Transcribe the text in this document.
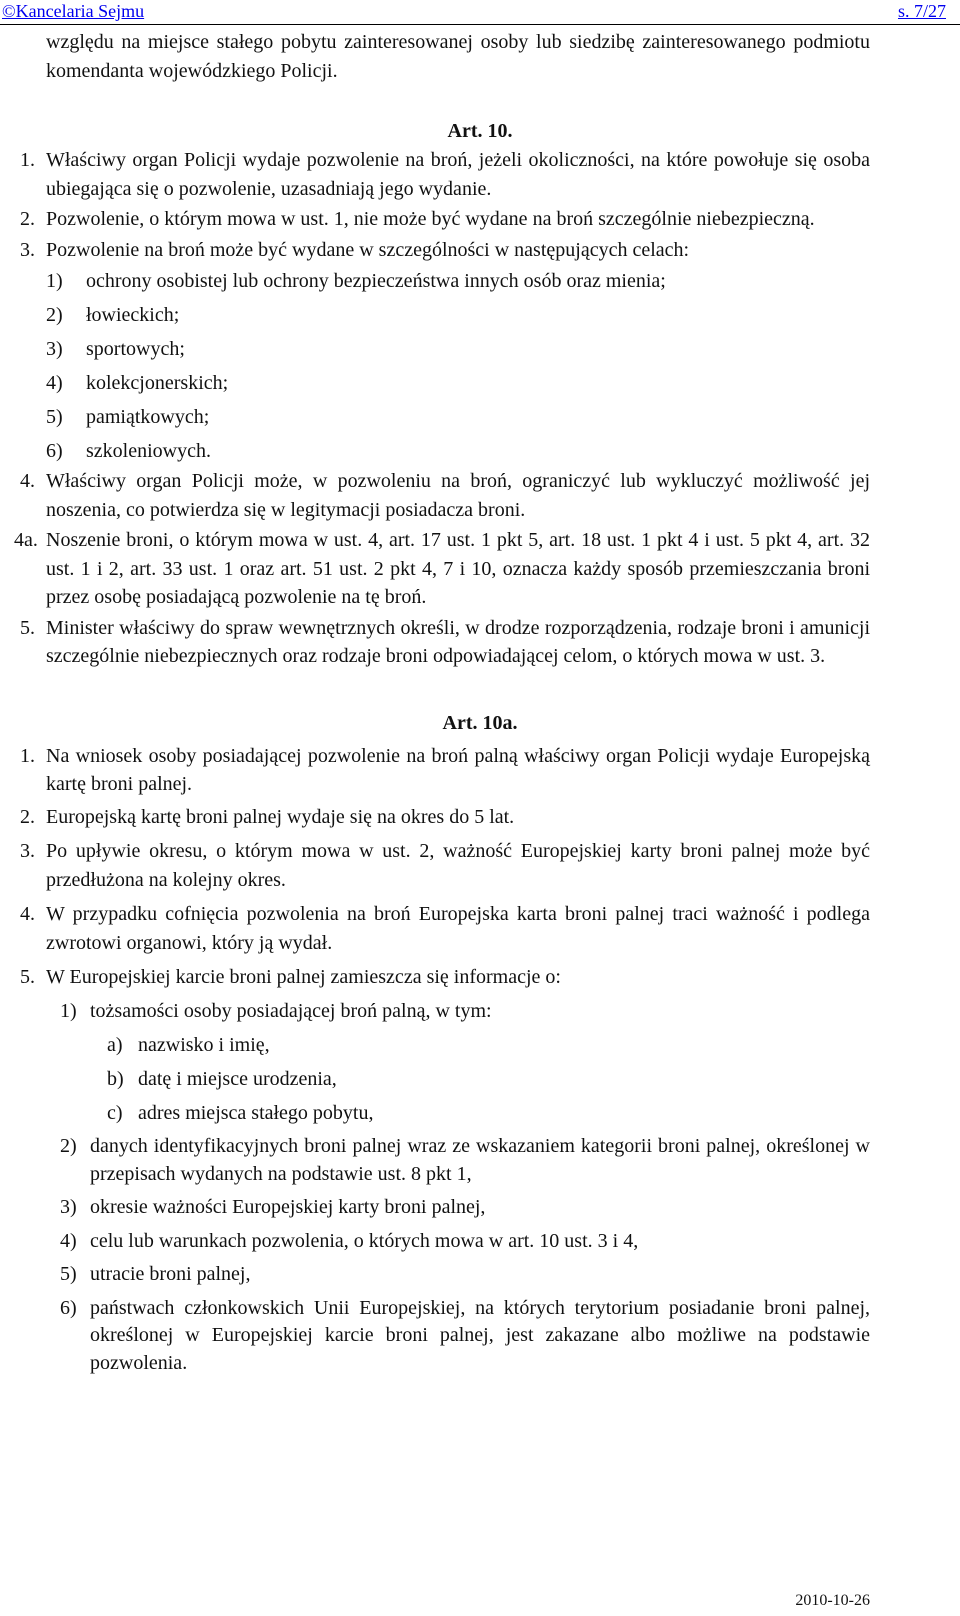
©Kancelaria Sejmu	s. 7/27
względu na miejsce stałego pobytu zainteresowanej osoby lub siedzibę zainteresowanego podmiotu komendanta wojewódzkiego Policji.
Art. 10.
1. Właściwy organ Policji wydaje pozwolenie na broń, jeżeli okoliczności, na które powołuje się osoba ubiegająca się o pozwolenie, uzasadniają jego wydanie.
2. Pozwolenie, o którym mowa w ust. 1, nie może być wydane na broń szczególnie niebezpieczną.
3. Pozwolenie na broń może być wydane w szczególności w następujących celach:
1) ochrony osobistej lub ochrony bezpieczeństwa innych osób oraz mienia;
2) łowieckich;
3) sportowych;
4) kolekcjonerskich;
5) pamiątkowych;
6) szkoleniowych.
4. Właściwy organ Policji może, w pozwoleniu na broń, ograniczyć lub wykluczyć możliwość jej noszenia, co potwierdza się w legitymacji posiadacza broni.
4a. Noszenie broni, o którym mowa w ust. 4, art. 17 ust. 1 pkt 5, art. 18 ust. 1 pkt 4 i ust. 5 pkt 4, art. 32 ust. 1 i 2, art. 33 ust. 1 oraz art. 51 ust. 2 pkt 4, 7 i 10, oznacza każdy sposób przemieszczania broni przez osobę posiadającą pozwolenie na tę broń.
5. Minister właściwy do spraw wewnętrznych określi, w drodze rozporządzenia, rodzaje broni i amunicji szczególnie niebezpiecznych oraz rodzaje broni odpowiadającej celom, o których mowa w ust. 3.
Art. 10a.
1. Na wniosek osoby posiadającej pozwolenie na broń palną właściwy organ Policji wydaje Europejską kartę broni palnej.
2. Europejską kartę broni palnej wydaje się na okres do 5 lat.
3. Po upływie okresu, o którym mowa w ust. 2, ważność Europejskiej karty broni palnej może być przedłużona na kolejny okres.
4. W przypadku cofnięcia pozwolenia na broń Europejska karta broni palnej traci ważność i podlega zwrotowi organowi, który ją wydał.
5. W Europejskiej karcie broni palnej zamieszcza się informacje o:
1) tożsamości osoby posiadającej broń palną, w tym:
a) nazwisko i imię,
b) datę i miejsce urodzenia,
c) adres miejsca stałego pobytu,
2) danych identyfikacyjnych broni palnej wraz ze wskazaniem kategorii broni palnej, określonej w przepisach wydanych na podstawie ust. 8 pkt 1,
3) okresie ważności Europejskiej karty broni palnej,
4) celu lub warunkach pozwolenia, o których mowa w art. 10 ust. 3 i 4,
5) utracie broni palnej,
6) państwach członkowskich Unii Europejskiej, na których terytorium posiadanie broni palnej, określonej w Europejskiej karcie broni palnej, jest zakazane albo możliwe na podstawie pozwolenia.
2010-10-26
